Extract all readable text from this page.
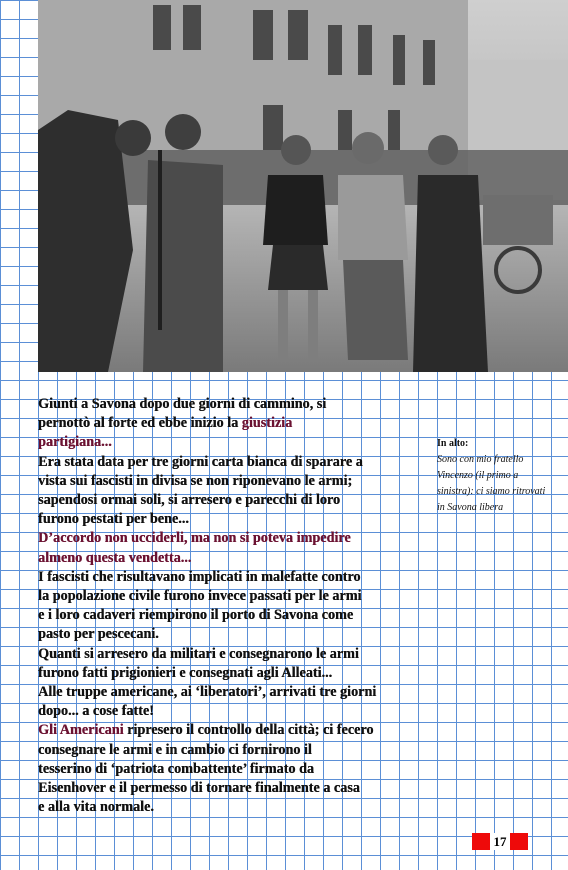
Giunti a Savona dopo due giorni di cammino, si
pernottò al forte ed ebbe inizio la giustizia
partigiana...
Era stata data per tre giorni carta bianca di sparare a
vista sui fascisti in divisa se non riponevano le armi;
sapendosi ormai soli, si arresero e parecchi di loro
furono pestati per bene...
D’accordo non ucciderli, ma non si poteva impedire
almeno questa vendetta...
I fascisti che risultavano implicati in malefatte contro
la popolazione civile furono invece passati per le armi
e i loro cadaveri riempirono il porto di Savona come
pasto per pescecani.
Quanti si arresero da militari e consegnarono le armi
furono fatti prigionieri e consegnati agli Alleati...
Alle truppe americane, ai ‘liberatori’, arrivati tre giorni
dopo... a cose fatte!
Gli Americani ripresero il controllo della città; ci fecero
consegnare le armi e in cambio ci fornirono il
tesserino di ‘patriota combattente’ firmato da
Eisenhover e il permesso di tornare finalmente a casa
e alla vita normale.
In alto:
Sono con mio fratello
Vincenzo (il primo a
sinistra): ci siamo ritrovati
in Savona libera
17
